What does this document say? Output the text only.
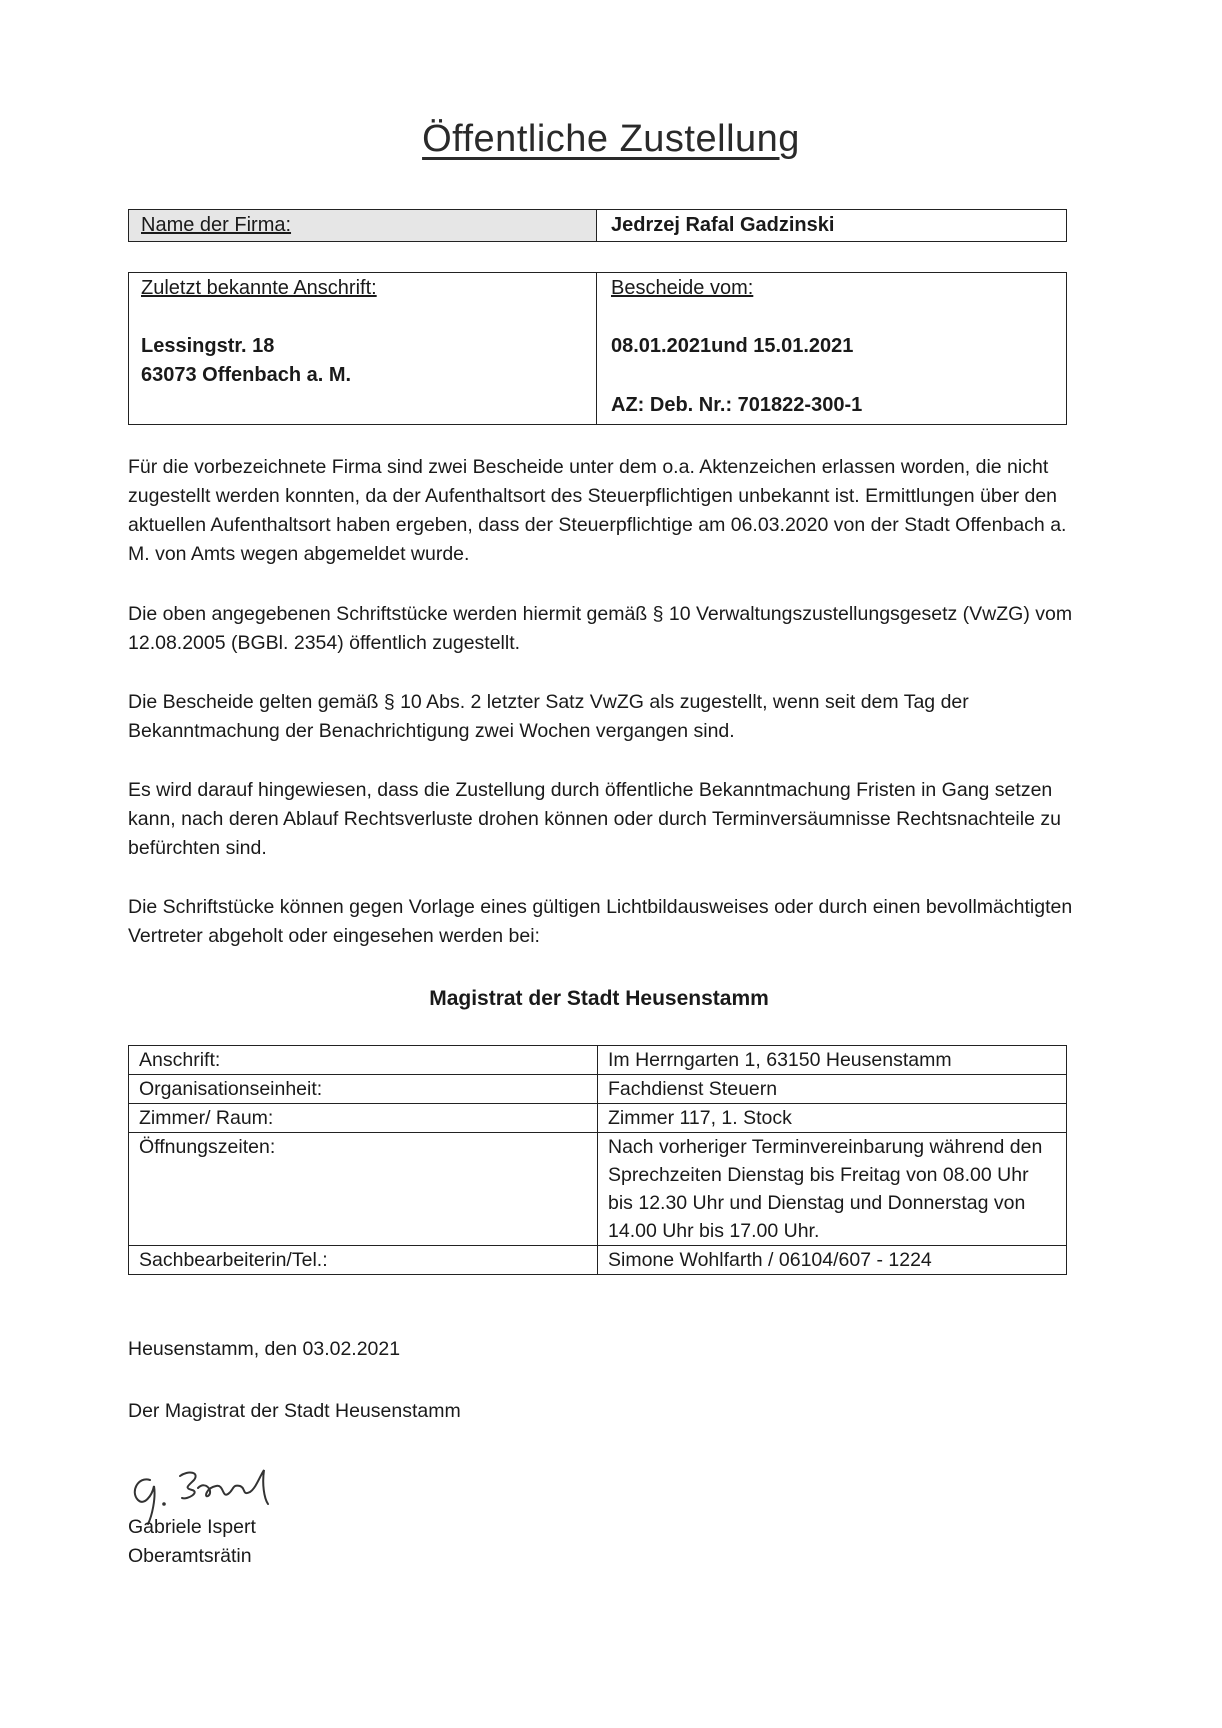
Öffentliche Zustellung
Name der Firma:	Jedrzej Rafal Gadzinski
Zuletzt bekannte Anschrift:
Lessingstr. 18
63073 Offenbach a. M.
Bescheide vom:
08.01.2021und 15.01.2021
AZ: Deb. Nr.: 701822-300-1

Für die vorbezeichnete Firma sind zwei Bescheide unter dem o.a. Aktenzeichen erlassen worden, die nicht zugestellt werden konnten, da der Aufenthaltsort des Steuerpflichtigen unbekannt ist. Ermittlungen über den aktuellen Aufenthaltsort haben ergeben, dass der Steuerpflichtige am 06.03.2020 von der Stadt Offenbach a. M. von Amts wegen abgemeldet wurde.

Die oben angegebenen Schriftstücke werden hiermit gemäß § 10 Verwaltungszustellungsgesetz (VwZG) vom 12.08.2005 (BGBl. 2354) öffentlich zugestellt.

Die Bescheide gelten gemäß § 10 Abs. 2 letzter Satz VwZG als zugestellt, wenn seit dem Tag der Bekanntmachung der Benachrichtigung zwei Wochen vergangen sind.

Es wird darauf hingewiesen, dass die Zustellung durch öffentliche Bekanntmachung Fristen in Gang setzen kann, nach deren Ablauf Rechtsverluste drohen können oder durch Terminversäumnisse Rechtsnachteile zu befürchten sind.

Die Schriftstücke können gegen Vorlage eines gültigen Lichtbildausweises oder durch einen bevollmächtigten Vertreter abgeholt oder eingesehen werden bei:

Magistrat der Stadt Heusenstamm
Anschrift:	Im Herrngarten 1, 63150 Heusenstamm
Organisationseinheit:	Fachdienst Steuern
Zimmer/ Raum:	Zimmer 117, 1. Stock
Öffnungszeiten:	Nach vorheriger Terminvereinbarung während den Sprechzeiten Dienstag bis Freitag von 08.00 Uhr bis 12.30 Uhr und Dienstag und Donnerstag von 14.00 Uhr bis 17.00 Uhr.
Sachbearbeiterin/Tel.:	Simone Wohlfarth / 06104/607 - 1224

Heusenstamm, den 03.02.2021

Der Magistrat der Stadt Heusenstamm

Gabriele Ispert

Oberamtsrätin
